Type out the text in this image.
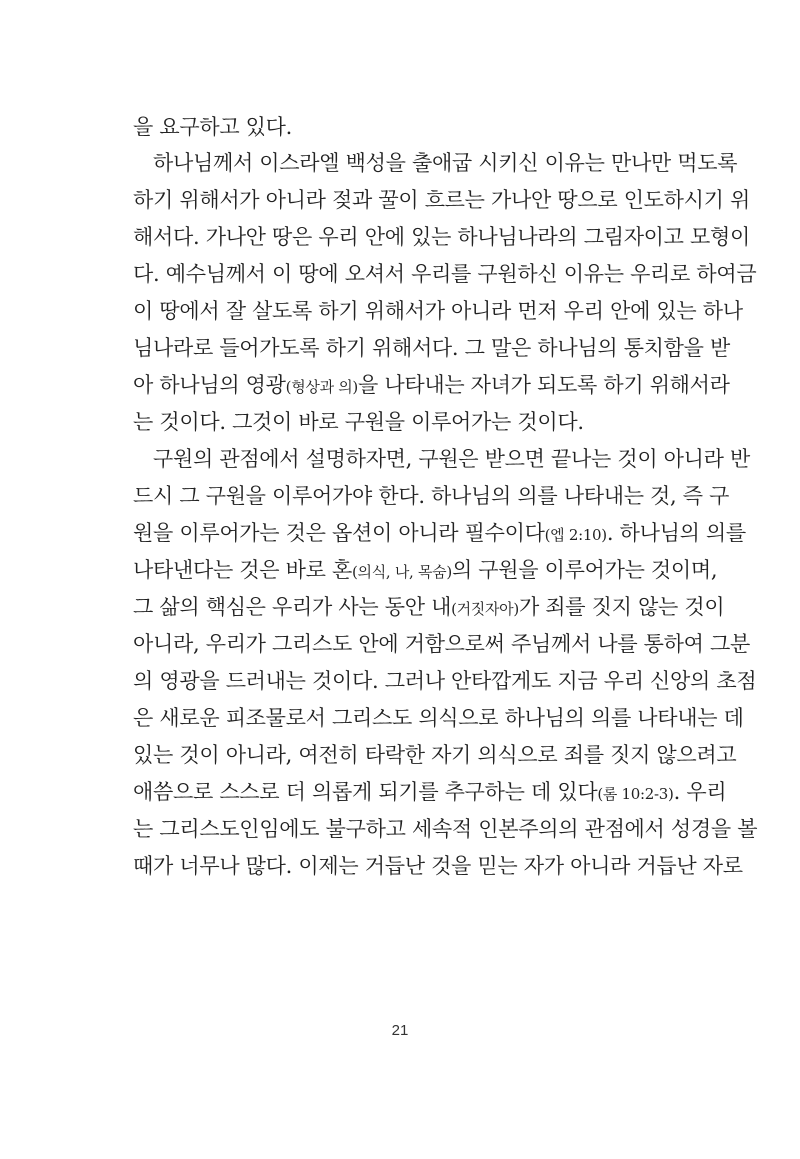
을 요구하고 있다.
하나님께서 이스라엘 백성을 출애굽 시키신 이유는 만나만 먹도록
하기 위해서가 아니라 젖과 꿀이 흐르는 가나안 땅으로 인도하시기 위
해서다. 가나안 땅은 우리 안에 있는 하나님나라의 그림자이고 모형이
다. 예수님께서 이 땅에 오셔서 우리를 구원하신 이유는 우리로 하여금
이 땅에서 잘 살도록 하기 위해서가 아니라 먼저 우리 안에 있는 하나
님나라로 들어가도록 하기 위해서다. 그 말은 하나님의 통치함을 받
아 하나님의 영광(형상과 의)을 나타내는 자녀가 되도록 하기 위해서라
는 것이다. 그것이 바로 구원을 이루어가는 것이다.
구원의 관점에서 설명하자면, 구원은 받으면 끝나는 것이 아니라 반
드시 그 구원을 이루어가야 한다. 하나님의 의를 나타내는 것, 즉 구
원을 이루어가는 것은 옵션이 아니라 필수이다(엡 2:10). 하나님의 의를
나타낸다는 것은 바로 혼(의식, 나, 목숨)의 구원을 이루어가는 것이며,
그 삶의 핵심은 우리가 사는 동안 내(거짓자아)가 죄를 짓지 않는 것이
아니라, 우리가 그리스도 안에 거함으로써 주님께서 나를 통하여 그분
의 영광을 드러내는 것이다. 그러나 안타깝게도 지금 우리 신앙의 초점
은 새로운 피조물로서 그리스도 의식으로 하나님의 의를 나타내는 데
있는 것이 아니라, 여전히 타락한 자기 의식으로 죄를 짓지 않으려고
애씀으로 스스로 더 의롭게 되기를 추구하는 데 있다(롬 10:2-3). 우리
는 그리스도인임에도 불구하고 세속적 인본주의의 관점에서 성경을 볼
때가 너무나 많다. 이제는 거듭난 것을 믿는 자가 아니라 거듭난 자로
21
